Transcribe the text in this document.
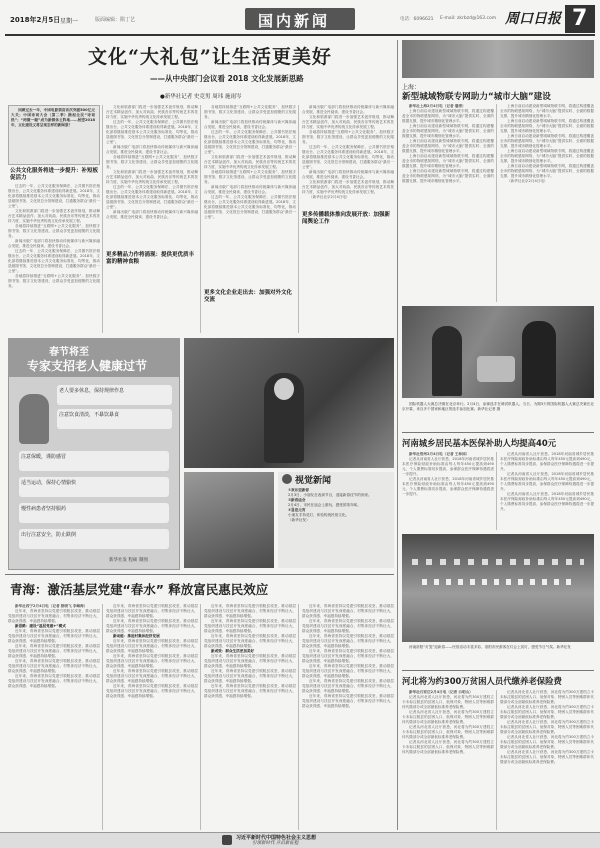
2018年2月5日 星期一	版面编辑：隋丁艺	电话：6096621 E-mail: zkrbzd@163.com
国内新闻	周口日报 7
文化“大礼包”让生活更美好
——从中央部门会议看 2018 文化发展新思路
●新华社记者 史竞男 周玮 施雨岑

回顾过去一年，中国电影票房首次突破500亿元大关；中国诗词大会（第二季）掀起全民“诗词热”；“两微一端”成为新媒体主阵地……展望2018年，文化建设又将呈现怎样的新图景？

公共文化服务将进一步提升：补短板促活力

过去的一年，公共文化服务保障法、公共图书馆法相继出台，公共文化服务体系建设取得新进展。2018年，文化部将继续推进基本公共文化服务标准化、均等化，推动县级图书馆、文化馆总分馆制建设，打通服务群众“最后一公里”。

文化和旅游部门将进一步加强艺术创作规划，推动舞台艺术精品创作，加大对戏曲、民族音乐等传统艺术的扶持力度，实施中华优秀传统文化传承发展工程。

各地将持续推进“互联网+公共文化服务”，加快数字图书馆、数字文化馆建设，让群众享受更加便捷的文化服务。

新闻出版广电部门将加快推动传统媒体与新兴媒体融合发展，推进全民阅读，建设书香社会。

过去的一年，公共文化服务保障法、公共图书馆法相继出台，公共文化服务体系建设取得新进展。2018年，文化部将继续推进基本公共文化服务标准化、均等化，推动县级图书馆、文化馆总分馆制建设，打通服务群众“最后一公里”。

各地将持续推进“互联网+公共文化服务”，加快数字图书馆、数字文化馆建设，让群众享受更加便捷的文化服务。

文化和旅游部门将进一步加强艺术创作规划，推动舞台艺术精品创作，加大对戏曲、民族音乐等传统艺术的扶持力度，实施中华优秀传统文化传承发展工程。

过去的一年，公共文化服务保障法、公共图书馆法相继出台，公共文化服务体系建设取得新进展。2018年，文化部将继续推进基本公共文化服务标准化、均等化，推动县级图书馆、文化馆总分馆制建设，打通服务群众“最后一公里”。

新闻出版广电部门将加快推动传统媒体与新兴媒体融合发展，推进全民阅读，建设书香社会。

各地将持续推进“互联网+公共文化服务”，加快数字图书馆、数字文化馆建设，让群众享受更加便捷的文化服务。

文化和旅游部门将进一步加强艺术创作规划，推动舞台艺术精品创作，加大对戏曲、民族音乐等传统艺术的扶持力度，实施中华优秀传统文化传承发展工程。

过去的一年，公共文化服务保障法、公共图书馆法相继出台，公共文化服务体系建设取得新进展。2018年，文化部将继续推进基本公共文化服务标准化、均等化，推动县级图书馆、文化馆总分馆制建设，打通服务群众“最后一公里”。

新闻出版广电部门将加快推动传统媒体与新兴媒体融合发展，推进全民阅读，建设书香社会。

更多精品力作将涌现：提供更优质丰富的精神食粮

各地将持续推进“互联网+公共文化服务”，加快数字图书馆、数字文化馆建设，让群众享受更加便捷的文化服务。

新闻出版广电部门将加快推动传统媒体与新兴媒体融合发展，推进全民阅读，建设书香社会。

过去的一年，公共文化服务保障法、公共图书馆法相继出台，公共文化服务体系建设取得新进展。2018年，文化部将继续推进基本公共文化服务标准化、均等化，推动县级图书馆、文化馆总分馆制建设，打通服务群众“最后一公里”。

文化和旅游部门将进一步加强艺术创作规划，推动舞台艺术精品创作，加大对戏曲、民族音乐等传统艺术的扶持力度，实施中华优秀传统文化传承发展工程。

各地将持续推进“互联网+公共文化服务”，加快数字图书馆、数字文化馆建设，让群众享受更加便捷的文化服务。

新闻出版广电部门将加快推动传统媒体与新兴媒体融合发展，推进全民阅读，建设书香社会。

过去的一年，公共文化服务保障法、公共图书馆法相继出台，公共文化服务体系建设取得新进展。2018年，文化部将继续推进基本公共文化服务标准化、均等化，推动县级图书馆、文化馆总分馆制建设，打通服务群众“最后一公里”。

更多文化企业走出去：加强对外文化交流

新闻出版广电部门将加快推动传统媒体与新兴媒体融合发展，推进全民阅读，建设书香社会。

文化和旅游部门将进一步加强艺术创作规划，推动舞台艺术精品创作，加大对戏曲、民族音乐等传统艺术的扶持力度，实施中华优秀传统文化传承发展工程。

各地将持续推进“互联网+公共文化服务”，加快数字图书馆、数字文化馆建设，让群众享受更加便捷的文化服务。

过去的一年，公共文化服务保障法、公共图书馆法相继出台，公共文化服务体系建设取得新进展。2018年，文化部将继续推进基本公共文化服务标准化、均等化，推动县级图书馆、文化馆总分馆制建设，打通服务群众“最后一公里”。

新闻出版广电部门将加快推动传统媒体与新兴媒体融合发展，推进全民阅读，建设书香社会。

文化和旅游部门将进一步加强艺术创作规划，推动舞台艺术精品创作，加大对戏曲、民族音乐等传统艺术的扶持力度，实施中华优秀传统文化传承发展工程。

（新华社北京2月4日电）

更多传播载体推向发展开放：加强新闻舆论工作
春节将至
专家支招老人健康过节
老人要多休息，保持规律作息
注意饮食清淡，不暴饮暴食
注意保暖，谨防感冒
适当运动，保持心情愉快
慢性病患者坚持服药
出行注意安全，防止跌倒
新华社发 程硕 制图
视觉新闻

①欢乐迎新春

2月3日，小朋友在表演节目，迎接新春佳节的到来。

②新春庙会

2月4日，市民在庙会上游玩，感受浓浓年味。

③喜迎元宵

小朋友手持花灯，体验传统民俗文化。

（新华社发）

青海：激活基层党建“春水” 释放富民惠民效应

新华社西宁2月4日电（记者 骆晓飞 李琳海）

近年来，青海省坚持以党建引领脱贫攻坚，推动基层党组织建设与扶贫开发深度融合，村集体经济不断壮大，群众获得感、幸福感持续增强。

新思路：建设“基层党建+”模式

近年来，青海省坚持以党建引领脱贫攻坚，推动基层党组织建设与扶贫开发深度融合，村集体经济不断壮大，群众获得感、幸福感持续增强。

近年来，青海省坚持以党建引领脱贫攻坚，推动基层党组织建设与扶贫开发深度融合，村集体经济不断壮大，群众获得感、幸福感持续增强。

近年来，青海省坚持以党建引领脱贫攻坚，推动基层党组织建设与扶贫开发深度融合，村集体经济不断壮大，群众获得感、幸福感持续增强。

近年来，青海省坚持以党建引领脱贫攻坚，推动基层党组织建设与扶贫开发深度融合，村集体经济不断壮大，群众获得感、幸福感持续增强。

近年来，青海省坚持以党建引领脱贫攻坚，推动基层党组织建设与扶贫开发深度融合，村集体经济不断壮大，群众获得感、幸福感持续增强。

近年来，青海省坚持以党建引领脱贫攻坚，推动基层党组织建设与扶贫开发深度融合，村集体经济不断壮大，群众获得感、幸福感持续增强。

新动能：推进村集体经济发展

近年来，青海省坚持以党建引领脱贫攻坚，推动基层党组织建设与扶贫开发深度融合，村集体经济不断壮大，群众获得感、幸福感持续增强。

近年来，青海省坚持以党建引领脱贫攻坚，推动基层党组织建设与扶贫开发深度融合，村集体经济不断壮大，群众获得感、幸福感持续增强。

近年来，青海省坚持以党建引领脱贫攻坚，推动基层党组织建设与扶贫开发深度融合，村集体经济不断壮大，群众获得感、幸福感持续增强。

近年来，青海省坚持以党建引领脱贫攻坚，推动基层党组织建设与扶贫开发深度融合，村集体经济不断壮大，群众获得感、幸福感持续增强。

近年来，青海省坚持以党建引领脱贫攻坚，推动基层党组织建设与扶贫开发深度融合，村集体经济不断壮大，群众获得感、幸福感持续增强。

近年来，青海省坚持以党建引领脱贫攻坚，推动基层党组织建设与扶贫开发深度融合，村集体经济不断壮大，群众获得感、幸福感持续增强。

近年来，青海省坚持以党建引领脱贫攻坚，推动基层党组织建设与扶贫开发深度融合，村集体经济不断壮大，群众获得感、幸福感持续增强。

新成效：群众生活更加美好

近年来，青海省坚持以党建引领脱贫攻坚，推动基层党组织建设与扶贫开发深度融合，村集体经济不断壮大，群众获得感、幸福感持续增强。

近年来，青海省坚持以党建引领脱贫攻坚，推动基层党组织建设与扶贫开发深度融合，村集体经济不断壮大，群众获得感、幸福感持续增强。

近年来，青海省坚持以党建引领脱贫攻坚，推动基层党组织建设与扶贫开发深度融合，村集体经济不断壮大，群众获得感、幸福感持续增强。

近年来，青海省坚持以党建引领脱贫攻坚，推动基层党组织建设与扶贫开发深度融合，村集体经济不断壮大，群众获得感、幸福感持续增强。

近年来，青海省坚持以党建引领脱贫攻坚，推动基层党组织建设与扶贫开发深度融合，村集体经济不断壮大，群众获得感、幸福感持续增强。

近年来，青海省坚持以党建引领脱贫攻坚，推动基层党组织建设与扶贫开发深度融合，村集体经济不断壮大，群众获得感、幸福感持续增强。

近年来，青海省坚持以党建引领脱贫攻坚，推动基层党组织建设与扶贫开发深度融合，村集体经济不断壮大，群众获得感、幸福感持续增强。

近年来，青海省坚持以党建引领脱贫攻坚，推动基层党组织建设与扶贫开发深度融合，村集体经济不断壮大，群众获得感、幸福感持续增强。

近年来，青海省坚持以党建引领脱贫攻坚，推动基层党组织建设与扶贫开发深度融合，村集体经济不断壮大，群众获得感、幸福感持续增强。

近年来，青海省坚持以党建引领脱贫攻坚，推动基层党组织建设与扶贫开发深度融合，村集体经济不断壮大，群众获得感、幸福感持续增强。

上海：
新型城域物联专网助力“城市大脑”建设

新华社上海2月4日电（记者 潘清）

上海日前启动建设新型城域物联专网，将通过构建覆盖全市的物联感知网络，为“城市大脑”提供实时、全面的数据支撑，提升城市精细化管理水平。

上海日前启动建设新型城域物联专网，将通过构建覆盖全市的物联感知网络，为“城市大脑”提供实时、全面的数据支撑，提升城市精细化管理水平。

上海日前启动建设新型城域物联专网，将通过构建覆盖全市的物联感知网络，为“城市大脑”提供实时、全面的数据支撑，提升城市精细化管理水平。

上海日前启动建设新型城域物联专网，将通过构建覆盖全市的物联感知网络，为“城市大脑”提供实时、全面的数据支撑，提升城市精细化管理水平。

上海日前启动建设新型城域物联专网，将通过构建覆盖全市的物联感知网络，为“城市大脑”提供实时、全面的数据支撑，提升城市精细化管理水平。

上海日前启动建设新型城域物联专网，将通过构建覆盖全市的物联感知网络，为“城市大脑”提供实时、全面的数据支撑，提升城市精细化管理水平。

上海日前启动建设新型城域物联专网，将通过构建覆盖全市的物联感知网络，为“城市大脑”提供实时、全面的数据支撑，提升城市精细化管理水平。

上海日前启动建设新型城域物联专网，将通过构建覆盖全市的物联感知网络，为“城市大脑”提供实时、全面的数据支撑，提升城市精细化管理水平。

上海日前启动建设新型城域物联专网，将通过构建覆盖全市的物联感知网络，为“城市大脑”提供实时、全面的数据支撑，提升城市精细化管理水平。

上海日前启动建设新型城域物联专网，将通过构建覆盖全市的物联感知网络，为“城市大脑”提供实时、全面的数据支撑，提升城市精细化管理水平。

（新华社北京2月4日电）

国际机器人大赛总决赛在北京举行。2月4日，参赛选手在调试机器人。当日，为期3天的国际机器人大赛总决赛在北京开幕，来自多个国家和地区的选手参加比赛。新华社记者 摄

河南城乡居民基本医保补助人均提高40元

新华社郑州2月4日电（记者 王林园）

记者从河南省人社厅获悉，2018年河南省城乡居民基本医疗保险财政补助标准由每人每年450元提高到490元，个人缴费标准同步提高，参保群众医疗保障待遇将进一步提升。

记者从河南省人社厅获悉，2018年河南省城乡居民基本医疗保险财政补助标准由每人每年450元提高到490元，个人缴费标准同步提高，参保群众医疗保障待遇将进一步提升。

记者从河南省人社厅获悉，2018年河南省城乡居民基本医疗保险财政补助标准由每人每年450元提高到490元，个人缴费标准同步提高，参保群众医疗保障待遇将进一步提升。

记者从河南省人社厅获悉，2018年河南省城乡居民基本医疗保险财政补助标准由每人每年450元提高到490元，个人缴费标准同步提高，参保群众医疗保障待遇将进一步提升。

记者从河南省人社厅获悉，2018年河南省城乡居民基本医疗保险财政补助标准由每人每年450元提高到490元，个人缴费标准同步提高，参保群众医疗保障待遇将进一步提升。

河南洛阳“灯笼”迎新春——民俗活动丰富多彩，洛阳市民游客在灯会上赏灯，感受节日气氛。新华社发

河北将为约300万贫困人员代缴养老保险费

新华社石家庄2月4日电（记者 白明山）

记者从河北省人社厅获悉，河北将为约300万建档立卡未标注脱贫的贫困人口、低保对象、特困人员等困难群体代缴部分或全部最低标准养老保险费。

记者从河北省人社厅获悉，河北将为约300万建档立卡未标注脱贫的贫困人口、低保对象、特困人员等困难群体代缴部分或全部最低标准养老保险费。

记者从河北省人社厅获悉，河北将为约300万建档立卡未标注脱贫的贫困人口、低保对象、特困人员等困难群体代缴部分或全部最低标准养老保险费。

记者从河北省人社厅获悉，河北将为约300万建档立卡未标注脱贫的贫困人口、低保对象、特困人员等困难群体代缴部分或全部最低标准养老保险费。

记者从河北省人社厅获悉，河北将为约300万建档立卡未标注脱贫的贫困人口、低保对象、特困人员等困难群体代缴部分或全部最低标准养老保险费。

记者从河北省人社厅获悉，河北将为约300万建档立卡未标注脱贫的贫困人口、低保对象、特困人员等困难群体代缴部分或全部最低标准养老保险费。

记者从河北省人社厅获悉，河北将为约300万建档立卡未标注脱贫的贫困人口、低保对象、特困人员等困难群体代缴部分或全部最低标准养老保险费。

记者从河北省人社厅获悉，河北将为约300万建档立卡未标注脱贫的贫困人口、低保对象、特困人员等困难群体代缴部分或全部最低标准养老保险费。

记者从河北省人社厅获悉，河北将为约300万建档立卡未标注脱贫的贫困人口、低保对象、特困人员等困难群体代缴部分或全部最低标准养老保险费。

习近平新时代中国特色社会主义思想
引领新时代 开启新征程
